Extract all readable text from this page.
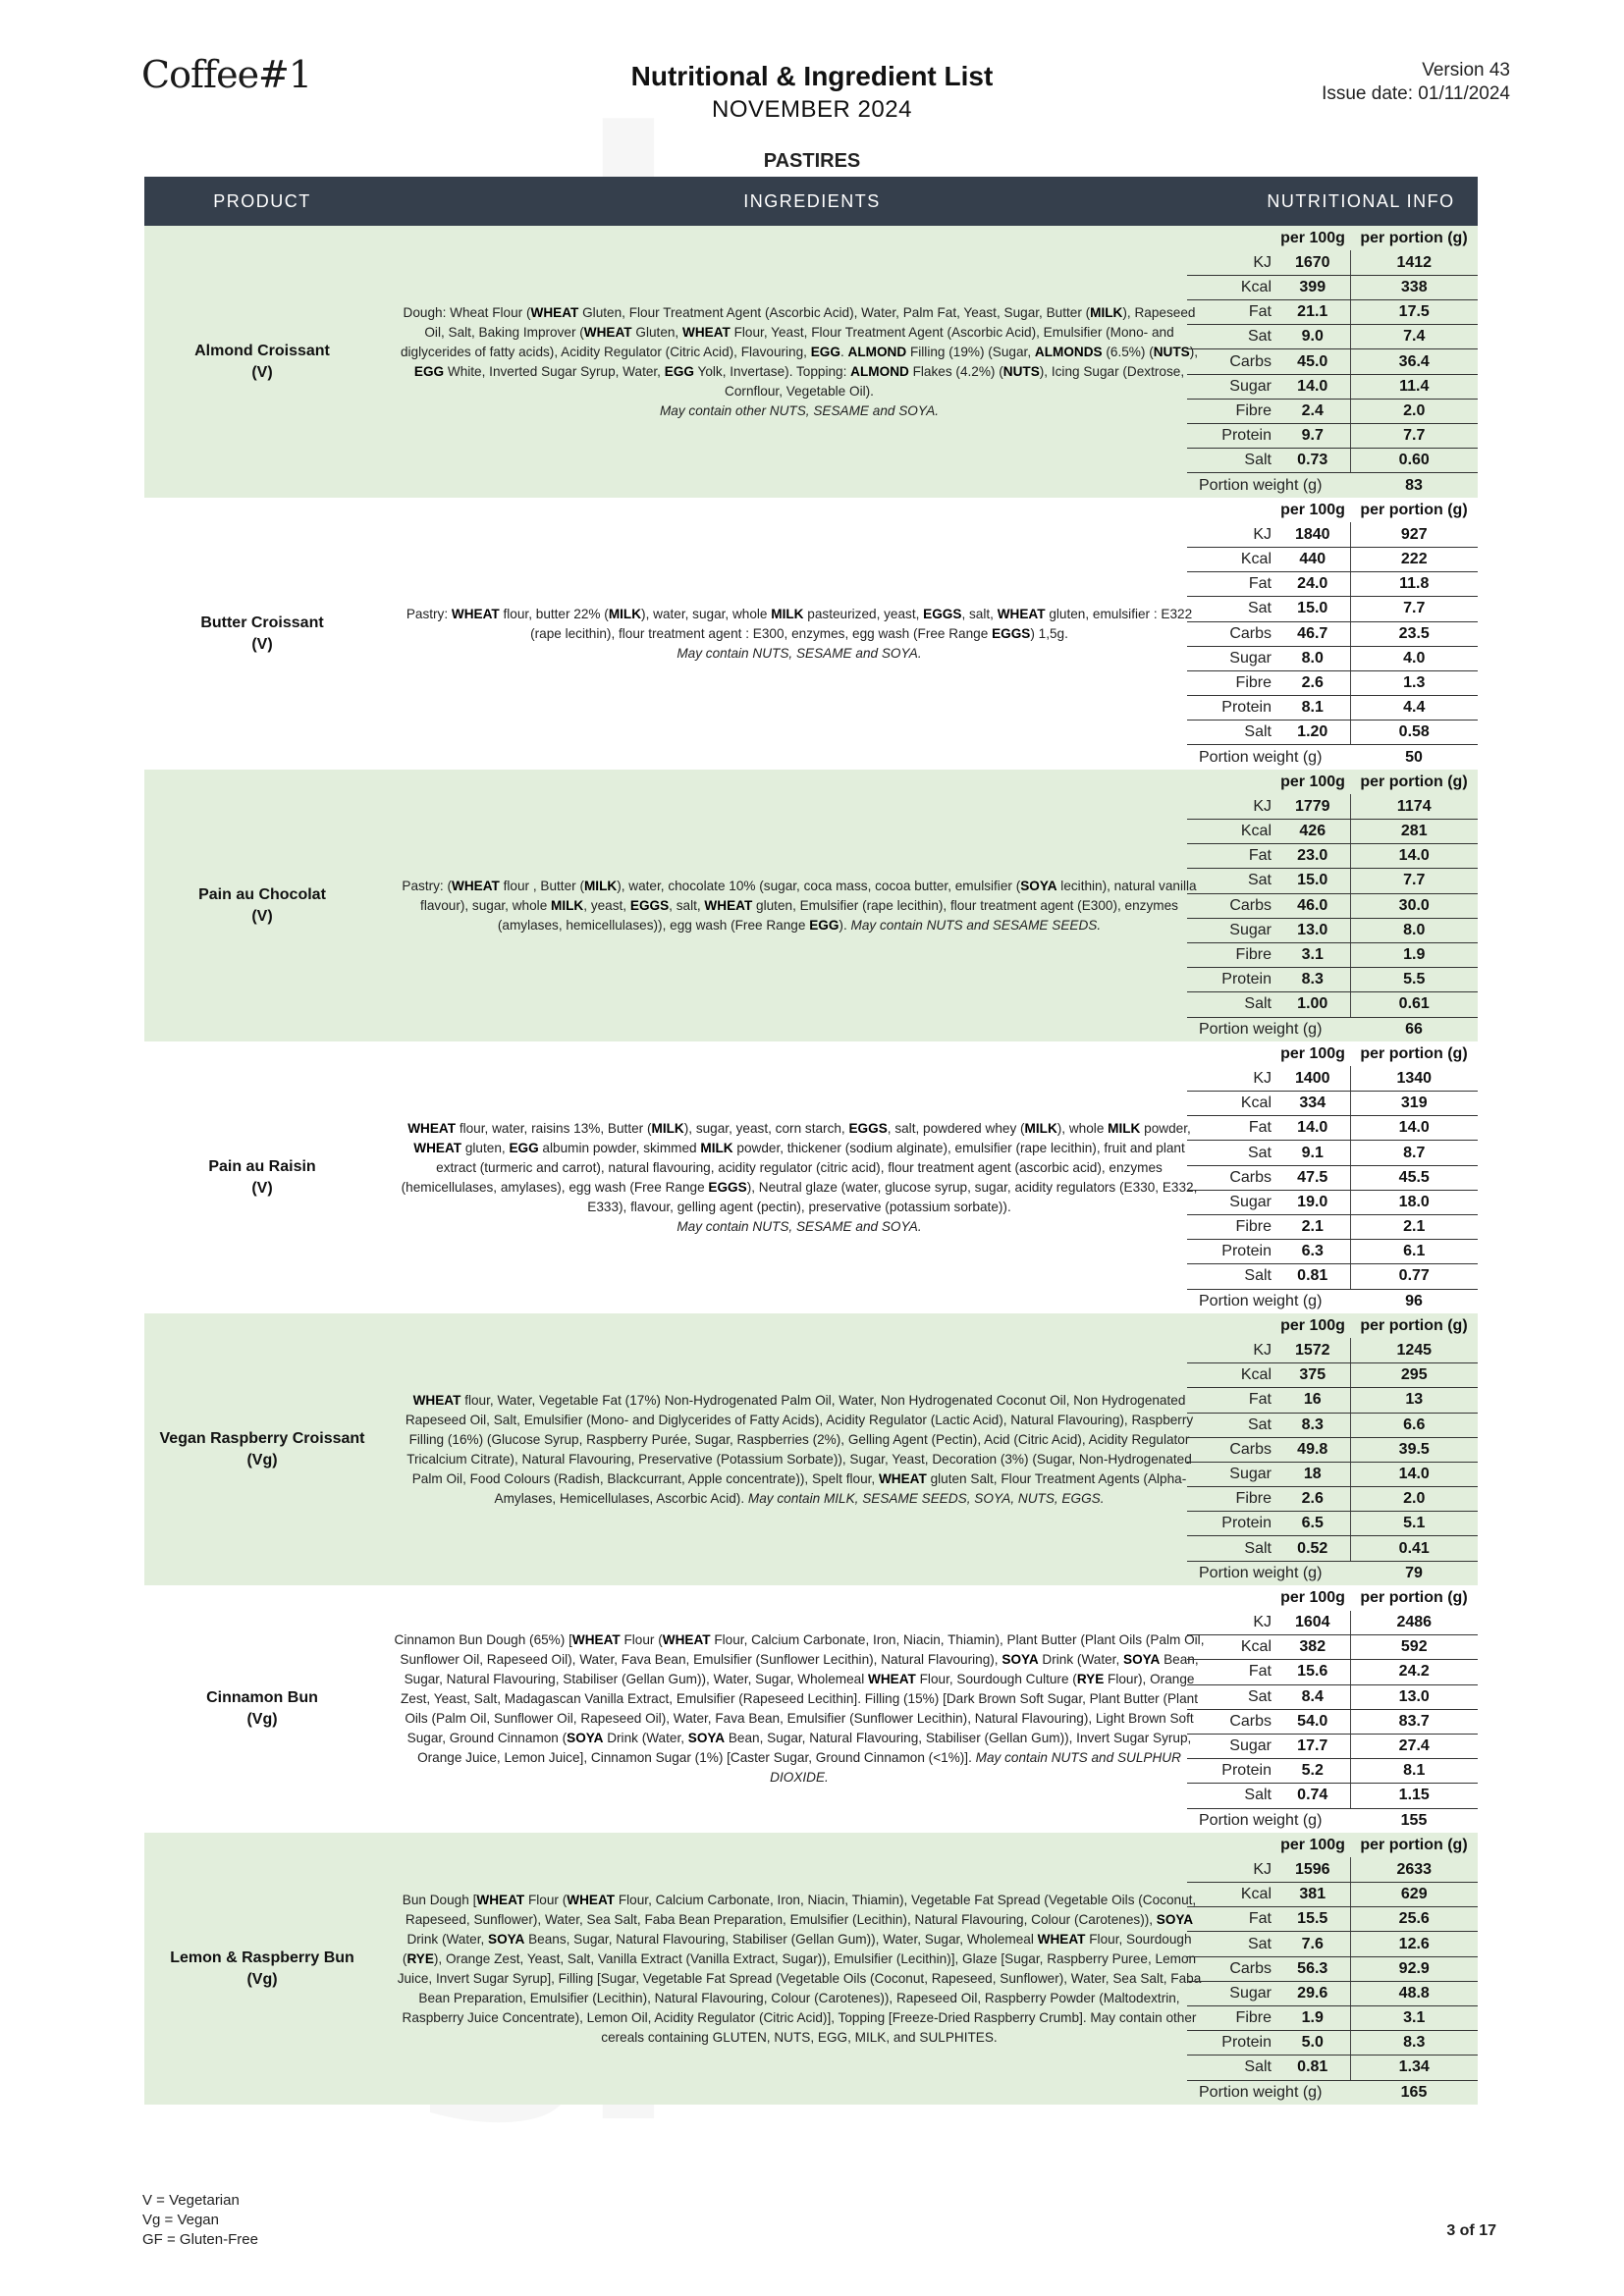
Coffee#1	Nutritional & Ingredient List
NOVEMBER 2024
Version 43
Issue date: 01/11/2024
PASTIRES
PRODUCT	INGREDIENTS	NUTRITIONAL INFO
Almond Croissant
(V)

Dough: Wheat Flour (WHEAT Gluten, Flour Treatment Agent (Ascorbic Acid), Water, Palm Fat, Yeast, Sugar, Butter (MILK), Rapeseed Oil, Salt, Baking Improver (WHEAT Gluten, WHEAT Flour, Yeast, Flour Treatment Agent (Ascorbic Acid), Emulsifier (Mono- and diglycerides of fatty acids), Acidity Regulator (Citric Acid), Flavouring, EGG. ALMOND Filling (19%) (Sugar, ALMONDS (6.5%) (NUTS), EGG White, Inverted Sugar Syrup, Water, EGG Yolk, Invertase). Topping: ALMOND Flakes (4.2%) (NUTS), Icing Sugar (Dextrose, Cornflour, Vegetable Oil).
May contain other NUTS, SESAME and SOYA.

	per 100g	per portion (g)
KJ	1670	1412
Kcal	399	338
Fat	21.1	17.5
Sat	9.0	7.4
Carbs	45.0	36.4
Sugar	14.0	11.4
Fibre	2.4	2.0
Protein	9.7	7.7
Salt	0.73	0.60
Portion weight (g)		83
Butter Croissant
(V)

Pastry: WHEAT flour, butter 22% (MILK), water, sugar, whole MILK pasteurized, yeast, EGGS, salt, WHEAT gluten, emulsifier : E322 (rape lecithin), flour treatment agent : E300, enzymes, egg wash (Free Range EGGS) 1,5g.
May contain NUTS, SESAME and SOYA.

	per 100g	per portion (g)
KJ	1840	927
Kcal	440	222
Fat	24.0	11.8
Sat	15.0	7.7
Carbs	46.7	23.5
Sugar	8.0	4.0
Fibre	2.6	1.3
Protein	8.1	4.4
Salt	1.20	0.58
Portion weight (g)		50
Pain au Chocolat
(V)

Pastry: (WHEAT flour , Butter (MILK), water, chocolate 10% (sugar, coca mass, cocoa butter, emulsifier (SOYA lecithin), natural vanilla flavour), sugar, whole MILK, yeast, EGGS, salt, WHEAT gluten, Emulsifier (rape lecithin), flour treatment agent (E300), enzymes (amylases, hemicellulases)), egg wash (Free Range EGG). May contain NUTS and SESAME SEEDS.

	per 100g	per portion (g)
KJ	1779	1174
Kcal	426	281
Fat	23.0	14.0
Sat	15.0	7.7
Carbs	46.0	30.0
Sugar	13.0	8.0
Fibre	3.1	1.9
Protein	8.3	5.5
Salt	1.00	0.61
Portion weight (g)		66
Pain au Raisin
(V)

WHEAT flour, water, raisins 13%, Butter (MILK), sugar, yeast, corn starch, EGGS, salt, powdered whey (MILK), whole MILK powder, WHEAT gluten, EGG albumin powder, skimmed MILK powder, thickener (sodium alginate), emulsifier (rape lecithin), fruit and plant extract (turmeric and carrot), natural flavouring, acidity regulator (citric acid), flour treatment agent (ascorbic acid), enzymes (hemicellulases, amylases), egg wash (Free Range EGGS), Neutral glaze (water, glucose syrup, sugar, acidity regulators (E330, E332, E333), flavour, gelling agent (pectin), preservative (potassium sorbate)).
May contain NUTS, SESAME and SOYA.

	per 100g	per portion (g)
KJ	1400	1340
Kcal	334	319
Fat	14.0	14.0
Sat	9.1	8.7
Carbs	47.5	45.5
Sugar	19.0	18.0
Fibre	2.1	2.1
Protein	6.3	6.1
Salt	0.81	0.77
Portion weight (g)		96
Vegan Raspberry Croissant
(Vg)

WHEAT flour, Water, Vegetable Fat (17%) Non-Hydrogenated Palm Oil, Water, Non Hydrogenated Coconut Oil, Non Hydrogenated Rapeseed Oil, Salt, Emulsifier (Mono- and Diglycerides of Fatty Acids), Acidity Regulator (Lactic Acid), Natural Flavouring), Raspberry Filling (16%) (Glucose Syrup, Raspberry Purée, Sugar, Raspberries (2%), Gelling Agent (Pectin), Acid (Citric Acid), Acidity Regulator Tricalcium Citrate), Natural Flavouring, Preservative (Potassium Sorbate)), Sugar, Yeast, Decoration (3%) (Sugar, Non-Hydrogenated Palm Oil, Food Colours (Radish, Blackcurrant, Apple concentrate)), Spelt flour, WHEAT gluten Salt, Flour Treatment Agents (Alpha-Amylases, Hemicellulases, Ascorbic Acid). May contain MILK, SESAME SEEDS, SOYA, NUTS, EGGS.

	per 100g	per portion (g)
KJ	1572	1245
Kcal	375	295
Fat	16	13
Sat	8.3	6.6
Carbs	49.8	39.5
Sugar	18	14.0
Fibre	2.6	2.0
Protein	6.5	5.1
Salt	0.52	0.41
Portion weight (g)		79
Cinnamon Bun
(Vg)

Cinnamon Bun Dough (65%) [WHEAT Flour (WHEAT Flour, Calcium Carbonate, Iron, Niacin, Thiamin), Plant Butter (Plant Oils (Palm Oil, Sunflower Oil, Rapeseed Oil), Water, Fava Bean, Emulsifier (Sunflower Lecithin), Natural Flavouring), SOYA Drink (Water, SOYA Bean, Sugar, Natural Flavouring, Stabiliser (Gellan Gum)), Water, Sugar, Wholemeal WHEAT Flour, Sourdough Culture (RYE Flour), Orange Zest, Yeast, Salt, Madagascan Vanilla Extract, Emulsifier (Rapeseed Lecithin]. Filling (15%) [Dark Brown Soft Sugar, Plant Butter (Plant Oils (Palm Oil, Sunflower Oil, Rapeseed Oil), Water, Fava Bean, Emulsifier (Sunflower Lecithin), Natural Flavouring), Light Brown Soft Sugar, Ground Cinnamon (SOYA Drink (Water, SOYA Bean, Sugar, Natural Flavouring, Stabiliser (Gellan Gum)), Invert Sugar Syrup, Orange Juice, Lemon Juice], Cinnamon Sugar (1%) [Caster Sugar, Ground Cinnamon (<1%)]. May contain NUTS and SULPHUR DIOXIDE.

	per 100g	per portion (g)
KJ	1604	2486
Kcal	382	592
Fat	15.6	24.2
Sat	8.4	13.0
Carbs	54.0	83.7
Sugar	17.7	27.4
Protein	5.2	8.1
Salt	0.74	1.15
Portion weight (g)		155
Lemon & Raspberry Bun
(Vg)

Bun Dough [WHEAT Flour (WHEAT Flour, Calcium Carbonate, Iron, Niacin, Thiamin), Vegetable Fat Spread (Vegetable Oils (Coconut, Rapeseed, Sunflower), Water, Sea Salt, Faba Bean Preparation, Emulsifier (Lecithin), Natural Flavouring, Colour (Carotenes)), SOYA Drink (Water, SOYA Beans, Sugar, Natural Flavouring, Stabiliser (Gellan Gum)), Water, Sugar, Wholemeal WHEAT Flour, Sourdough (RYE), Orange Zest, Yeast, Salt, Vanilla Extract (Vanilla Extract, Sugar)), Emulsifier (Lecithin)], Glaze [Sugar, Raspberry Puree, Lemon Juice, Invert Sugar Syrup], Filling [Sugar, Vegetable Fat Spread (Vegetable Oils (Coconut, Rapeseed, Sunflower), Water, Sea Salt, Faba Bean Preparation, Emulsifier (Lecithin), Natural Flavouring, Colour (Carotenes)), Rapeseed Oil, Raspberry Powder (Maltodextrin, Raspberry Juice Concentrate), Lemon Oil, Acidity Regulator (Citric Acid)], Topping [Freeze-Dried Raspberry Crumb]. May contain other cereals containing GLUTEN, NUTS, EGG, MILK, and SULPHITES.

	per 100g	per portion (g)
KJ	1596	2633
Kcal	381	629
Fat	15.5	25.6
Sat	7.6	12.6
Carbs	56.3	92.9
Sugar	29.6	48.8
Fibre	1.9	3.1
Protein	5.0	8.3
Salt	0.81	1.34
Portion weight (g)		165
V = Vegetarian
Vg = Vegan
GF = Gluten-Free
3 of 17
